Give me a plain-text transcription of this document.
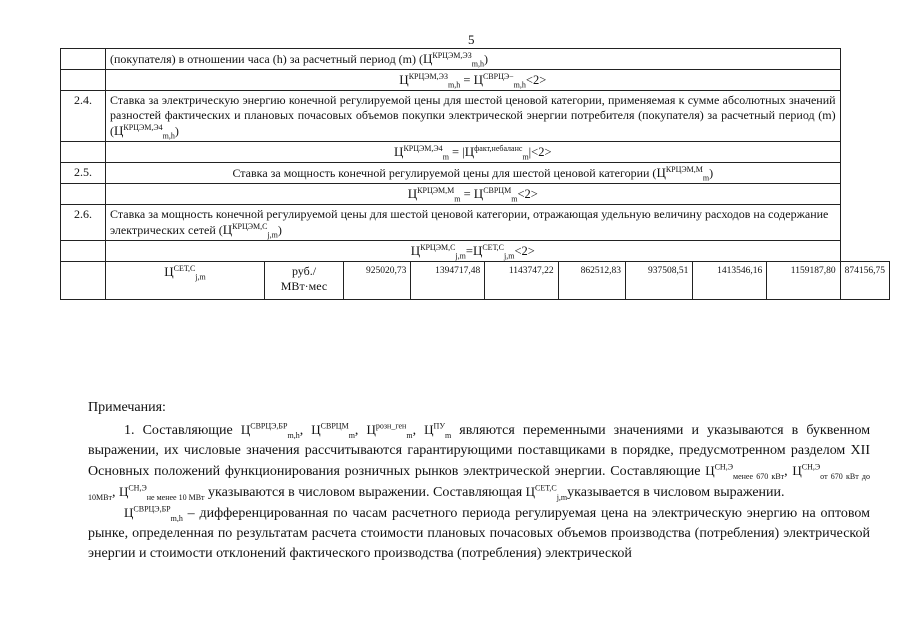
5
	(покупателя) в отношении часа (h) за расчетный период (m) $(Ц^{КРЦЭМ,ЭЗ}_{m,h})$									
	$Ц^{КРЦЭМ,ЭЗ}_{m,h} = Ц^{СВРЦЭ-}_{m,h}<2>$									
2.4.	Ставка за электрическую энергию конечной регулируемой цены для шестой ценовой категории, применяемая к сумме абсолютных значений разностей фактических и плановых почасовых объемов покупки электрической энергии потребителя (покупателя) за расчетный период (m) $(Ц^{КРЦЭМ,Э4}_{m,h})$									
	$Ц^{КРЦЭМ,Э4}_m = |Ц^{факт,небаланс}_m|<2>$									
2.5.	Ставка за мощность конечной регулируемой цены для шестой ценовой категории $(Ц^{КРЦЭМ,М}_m)$									
	$Ц^{КРЦЭМ,М}_m = Ц^{СВРЦМ}_m<2>$									
2.6.	Ставка за мощность конечной регулируемой цены для шестой ценовой категории, отражающая удельную величину расходов на содержание электрических сетей $(Ц^{КРЦЭМ,С}_{j,m})$									
	$Ц^{КРЦЭМ,С}_{j,m}=Ц^{СЕТ,С}_{j,m}<2>$									
	$Ц^{СЕТ,С}_{j,m}$	руб./
МВт·мес	925020,73	1394717,48	1143747,22	862512,83	937508,51	1413546,16	1159187,80	874156,75

Примечания:

1. Составляющие $Ц^{СВРЦЭ,БР}_{m,h}$, $Ц^{СВРЦМ}_m$, $Ц^{розн\_ген}_m$, $Ц^{ПУ}_m$ являются переменными значениями и указываются в буквенном выражении, их числовые значения рассчитываются гарантирующими поставщиками в порядке, предусмотренном разделом XII Основных положений функционирования розничных рынков электрической энергии. Составляющие $Ц^{СН,Э}_{менее 670 кВт}$, $Ц^{СН,Э}_{от 670 кВт до 10МВт}$, $Ц^{СН,Э}_{не менее 10 МВт}$ указываются в числовом выражении. Составляющая $Ц^{СЕТ,С}_{j,m}указывается$ в числовом выражении.

$Ц^{СВРЦЭ,БР}_{m,h}$ – дифференцированная по часам расчетного периода регулируемая цена на электрическую энергию на оптовом рынке, определенная по результатам расчета стоимости плановых почасовых объемов производства (потребления) электрической энергии и стоимости отклонений фактического производства (потребления) электрической
